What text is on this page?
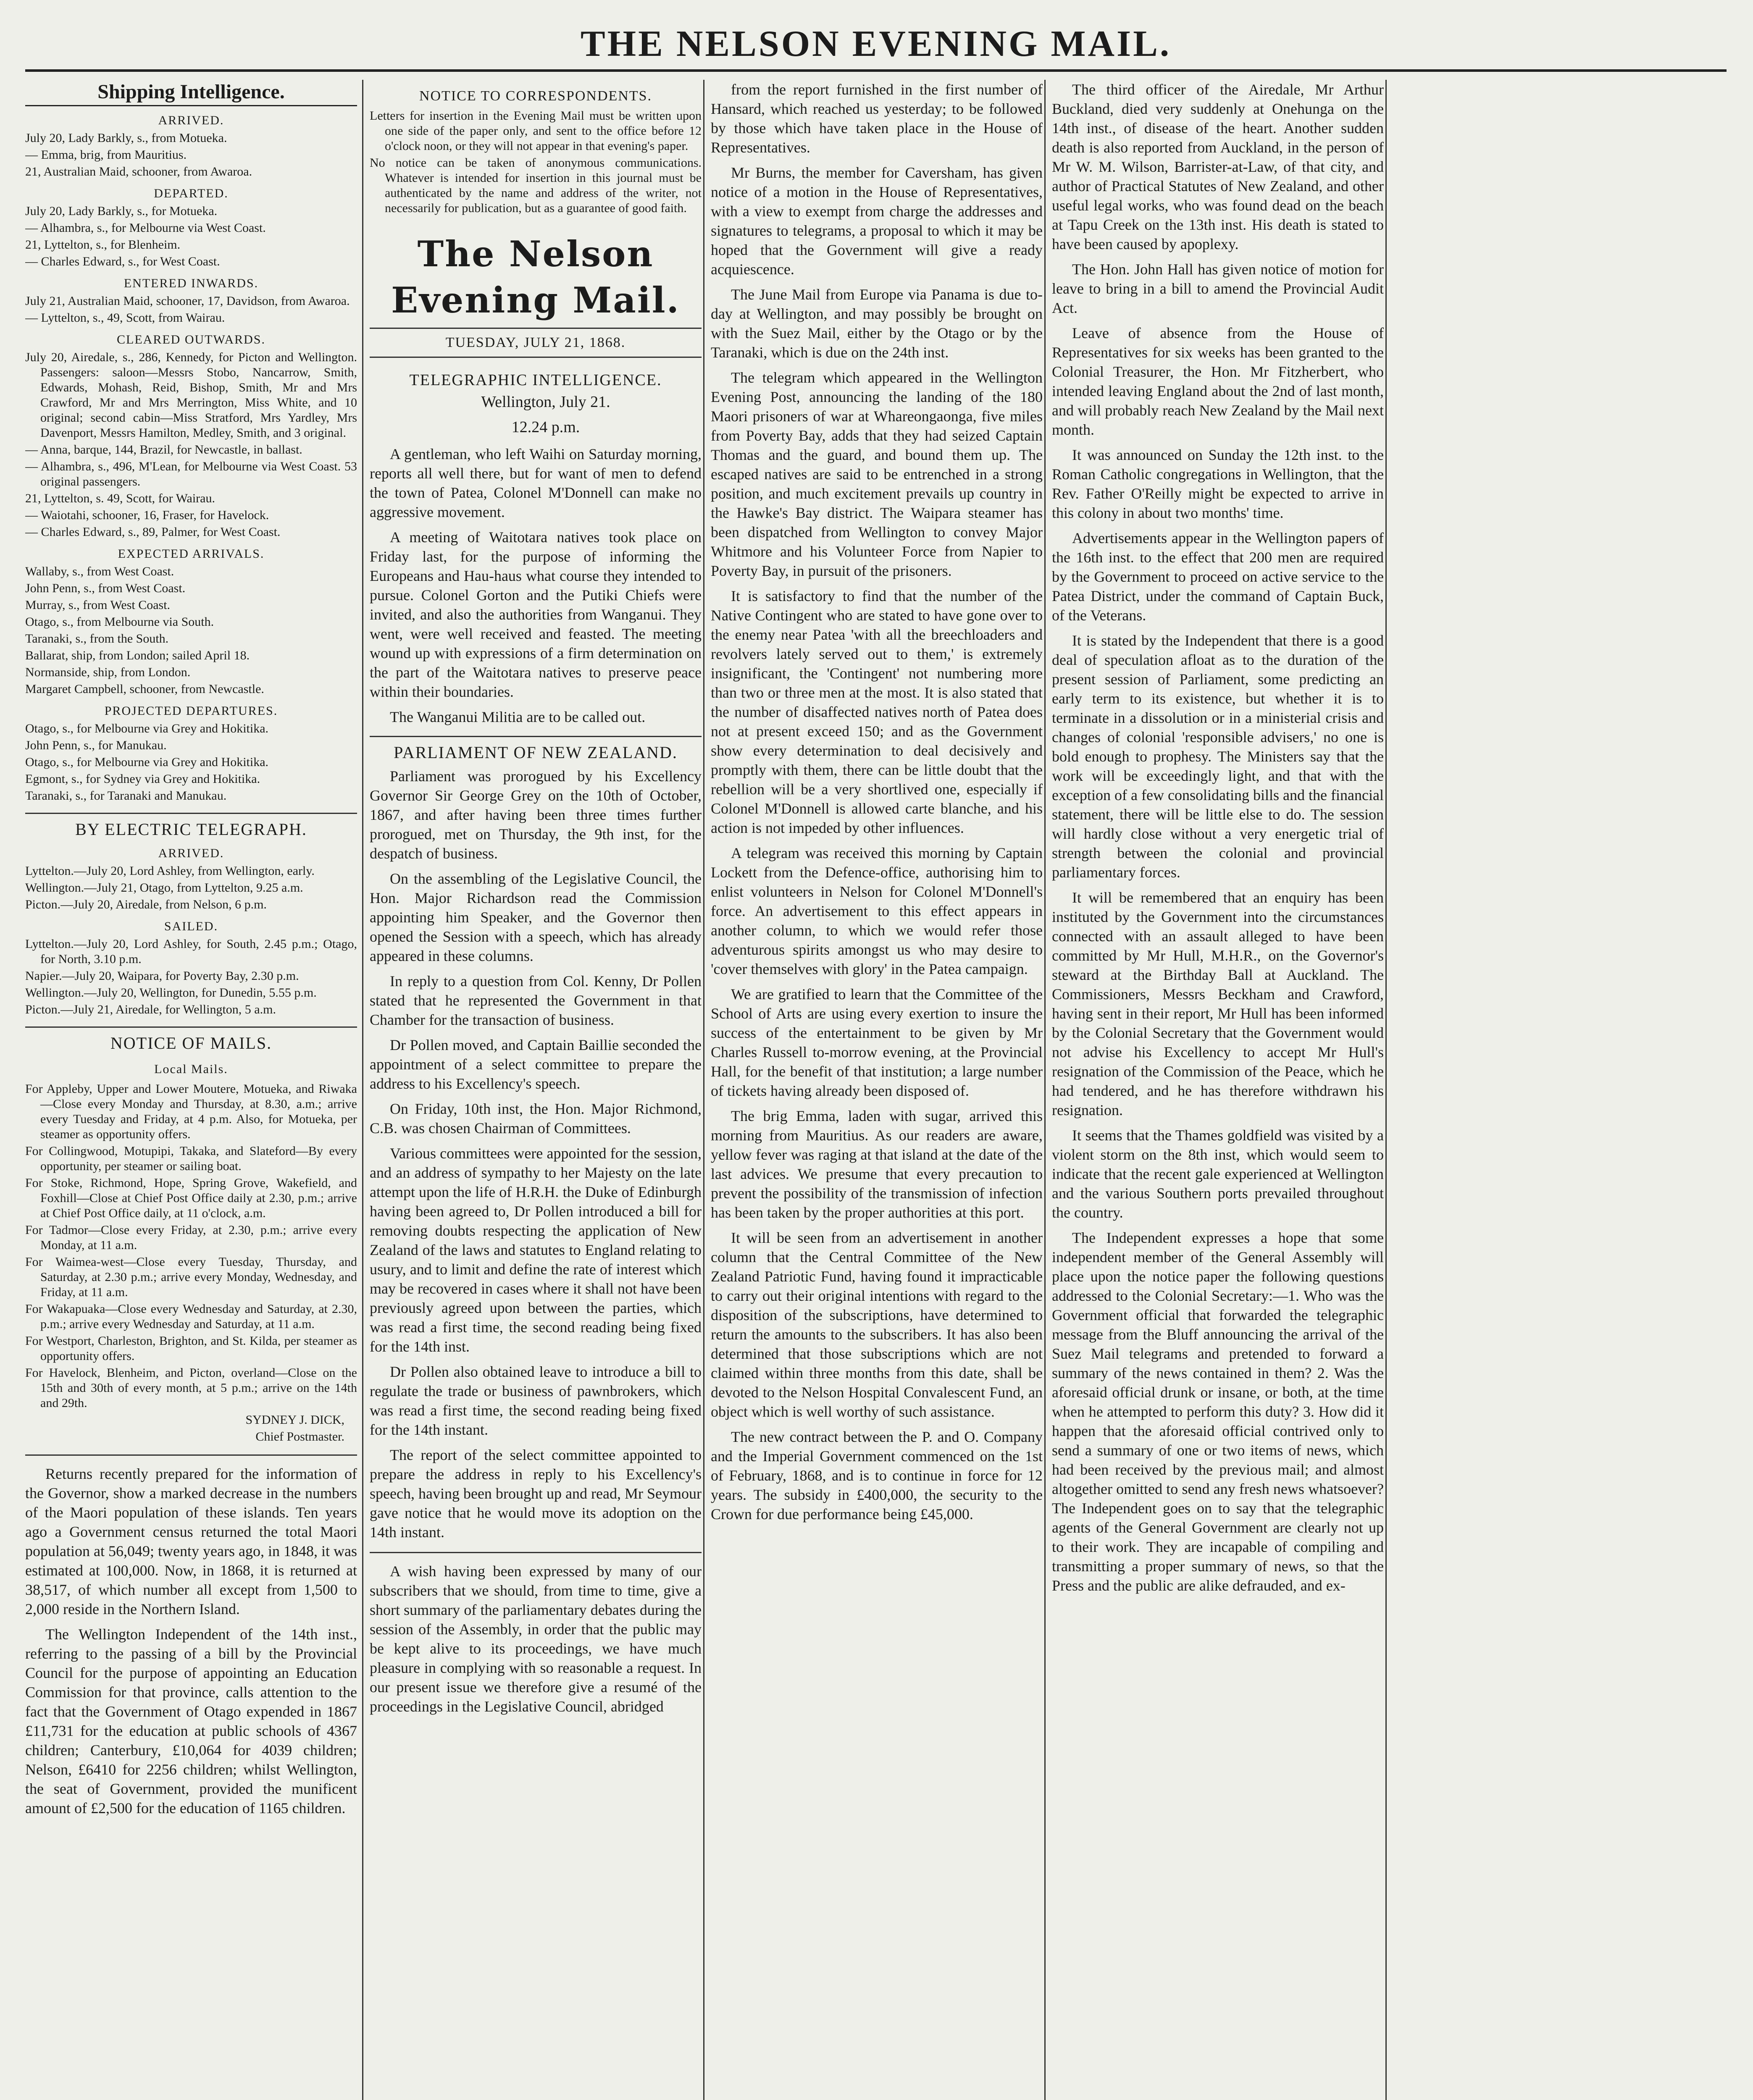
THE NELSON EVENING MAIL.
Shipping Intelligence.
ARRIVED.

July 20, Lady Barkly, s., from Motueka.

— Emma, brig, from Mauritius.

21, Australian Maid, schooner, from Awaroa.

DEPARTED.

July 20, Lady Barkly, s., for Motueka.

— Alhambra, s., for Melbourne via West Coast.

21, Lyttelton, s., for Blenheim.

— Charles Edward, s., for West Coast.

ENTERED INWARDS.

July 21, Australian Maid, schooner, 17, Davidson, from Awaroa.

— Lyttelton, s., 49, Scott, from Wairau.

CLEARED OUTWARDS.

July 20, Airedale, s., 286, Kennedy, for Picton and Wellington. Passengers: saloon—Messrs Stobo, Nancarrow, Smith, Edwards, Mohash, Reid, Bishop, Smith, Mr and Mrs Crawford, Mr and Mrs Merrington, Miss White, and 10 original; second cabin—Miss Stratford, Mrs Yardley, Mrs Davenport, Messrs Hamilton, Medley, Smith, and 3 original.

— Anna, barque, 144, Brazil, for Newcastle, in ballast.

— Alhambra, s., 496, M'Lean, for Melbourne via West Coast. 53 original passengers.

21, Lyttelton, s. 49, Scott, for Wairau.

— Waiotahi, schooner, 16, Fraser, for Havelock.

— Charles Edward, s., 89, Palmer, for West Coast.

EXPECTED ARRIVALS.

Wallaby, s., from West Coast.

John Penn, s., from West Coast.

Murray, s., from West Coast.

Otago, s., from Melbourne via South.

Taranaki, s., from the South.

Ballarat, ship, from London; sailed April 18.

Normanside, ship, from London.

Margaret Campbell, schooner, from Newcastle.

PROJECTED DEPARTURES.

Otago, s., for Melbourne via Grey and Hokitika.

John Penn, s., for Manukau.

Otago, s., for Melbourne via Grey and Hokitika.

Egmont, s., for Sydney via Grey and Hokitika.

Taranaki, s., for Taranaki and Manukau.

BY ELECTRIC TELEGRAPH.
ARRIVED.

Lyttelton.—July 20, Lord Ashley, from Wellington, early.

Wellington.—July 21, Otago, from Lyttelton, 9.25 a.m.

Picton.—July 20, Airedale, from Nelson, 6 p.m.

SAILED.

Lyttelton.—July 20, Lord Ashley, for South, 2.45 p.m.; Otago, for North, 3.10 p.m.

Napier.—July 20, Waipara, for Poverty Bay, 2.30 p.m.

Wellington.—July 20, Wellington, for Dunedin, 5.55 p.m.

Picton.—July 21, Airedale, for Wellington, 5 a.m.

NOTICE OF MAILS.
Local Mails.

For Appleby, Upper and Lower Moutere, Motueka, and Riwaka—Close every Monday and Thursday, at 8.30, a.m.; arrive every Tuesday and Friday, at 4 p.m. Also, for Motueka, per steamer as opportunity offers.

For Collingwood, Motupipi, Takaka, and Slateford—By every opportunity, per steamer or sailing boat.

For Stoke, Richmond, Hope, Spring Grove, Wakefield, and Foxhill—Close at Chief Post Office daily at 2.30, p.m.; arrive at Chief Post Office daily, at 11 o'clock, a.m.

For Tadmor—Close every Friday, at 2.30, p.m.; arrive every Monday, at 11 a.m.

For Waimea-west—Close every Tuesday, Thursday, and Saturday, at 2.30 p.m.; arrive every Monday, Wednesday, and Friday, at 11 a.m.

For Wakapuaka—Close every Wednesday and Saturday, at 2.30, p.m.; arrive every Wednesday and Saturday, at 11 a.m.

For Westport, Charleston, Brighton, and St. Kilda, per steamer as opportunity offers.

For Havelock, Blenheim, and Picton, overland—Close on the 15th and 30th of every month, at 5 p.m.; arrive on the 14th and 29th.

SYDNEY J. DICK,
Chief Postmaster.

Returns recently prepared for the information of the Governor, show a marked decrease in the numbers of the Maori population of these islands. Ten years ago a Government census returned the total Maori population at 56,049; twenty years ago, in 1848, it was estimated at 100,000. Now, in 1868, it is returned at 38,517, of which number all except from 1,500 to 2,000 reside in the Northern Island.

The Wellington Independent of the 14th inst., referring to the passing of a bill by the Provincial Council for the purpose of appointing an Education Commission for that province, calls attention to the fact that the Government of Otago expended in 1867 £11,731 for the education at public schools of 4367 children; Canterbury, £10,064 for 4039 children; Nelson, £6410 for 2256 children; whilst Wellington, the seat of Government, provided the munificent amount of £2,500 for the education of 1165 children.

NOTICE TO CORRESPONDENTS.

Letters for insertion in the Evening Mail must be written upon one side of the paper only, and sent to the office before 12 o'clock noon, or they will not appear in that evening's paper.

No notice can be taken of anonymous communications. Whatever is intended for insertion in this journal must be authenticated by the name and address of the writer, not necessarily for publication, but as a guarantee of good faith.

The Nelson Evening Mail.
TUESDAY, JULY 21, 1868.
TELEGRAPHIC INTELLIGENCE.

Wellington, July 21.

12.24 p.m.

A gentleman, who left Waihi on Saturday morning, reports all well there, but for want of men to defend the town of Patea, Colonel M'Donnell can make no aggressive movement.

A meeting of Waitotara natives took place on Friday last, for the purpose of informing the Europeans and Hau-haus what course they intended to pursue. Colonel Gorton and the Putiki Chiefs were invited, and also the authorities from Wanganui. They went, were well received and feasted. The meeting wound up with expressions of a firm determination on the part of the Waitotara natives to preserve peace within their boundaries.

The Wanganui Militia are to be called out.

PARLIAMENT OF NEW ZEALAND.

Parliament was prorogued by his Excellency Governor Sir George Grey on the 10th of October, 1867, and after having been three times further prorogued, met on Thursday, the 9th inst, for the despatch of business.

On the assembling of the Legislative Council, the Hon. Major Richardson read the Commission appointing him Speaker, and the Governor then opened the Session with a speech, which has already appeared in these columns.

In reply to a question from Col. Kenny, Dr Pollen stated that he represented the Government in that Chamber for the transaction of business.

Dr Pollen moved, and Captain Baillie seconded the appointment of a select committee to prepare the address to his Excellency's speech.

On Friday, 10th inst, the Hon. Major Richmond, C.B. was chosen Chairman of Committees.

Various committees were appointed for the session, and an address of sympathy to her Majesty on the late attempt upon the life of H.R.H. the Duke of Edinburgh having been agreed to, Dr Pollen introduced a bill for removing doubts respecting the application of New Zealand of the laws and statutes to England relating to usury, and to limit and define the rate of interest which may be recovered in cases where it shall not have been previously agreed upon between the parties, which was read a first time, the second reading being fixed for the 14th inst.

Dr Pollen also obtained leave to introduce a bill to regulate the trade or business of pawnbrokers, which was read a first time, the second reading being fixed for the 14th instant.

The report of the select committee appointed to prepare the address in reply to his Excellency's speech, having been brought up and read, Mr Seymour gave notice that he would move its adoption on the 14th instant.

A wish having been expressed by many of our subscribers that we should, from time to time, give a short summary of the parliamentary debates during the session of the Assembly, in order that the public may be kept alive to its proceedings, we have much pleasure in complying with so reasonable a request. In our present issue we therefore give a resumé of the proceedings in the Legislative Council, abridged

from the report furnished in the first number of Hansard, which reached us yesterday; to be followed by those which have taken place in the House of Representatives.

Mr Burns, the member for Caversham, has given notice of a motion in the House of Representatives, with a view to exempt from charge the addresses and signatures to telegrams, a proposal to which it may be hoped that the Government will give a ready acquiescence.

The June Mail from Europe via Panama is due to-day at Wellington, and may possibly be brought on with the Suez Mail, either by the Otago or by the Taranaki, which is due on the 24th inst.

The telegram which appeared in the Wellington Evening Post, announcing the landing of the 180 Maori prisoners of war at Whareongaonga, five miles from Poverty Bay, adds that they had seized Captain Thomas and the guard, and bound them up. The escaped natives are said to be entrenched in a strong position, and much excitement prevails up country in the Hawke's Bay district. The Waipara steamer has been dispatched from Wellington to convey Major Whitmore and his Volunteer Force from Napier to Poverty Bay, in pursuit of the prisoners.

It is satisfactory to find that the number of the Native Contingent who are stated to have gone over to the enemy near Patea 'with all the breechloaders and revolvers lately served out to them,' is extremely insignificant, the 'Contingent' not numbering more than two or three men at the most. It is also stated that the number of disaffected natives north of Patea does not at present exceed 150; and as the Government show every determination to deal decisively and promptly with them, there can be little doubt that the rebellion will be a very shortlived one, especially if Colonel M'Donnell is allowed carte blanche, and his action is not impeded by other influences.

A telegram was received this morning by Captain Lockett from the Defence-office, authorising him to enlist volunteers in Nelson for Colonel M'Donnell's force. An advertisement to this effect appears in another column, to which we would refer those adventurous spirits amongst us who may desire to 'cover themselves with glory' in the Patea campaign.

We are gratified to learn that the Committee of the School of Arts are using every exertion to insure the success of the entertainment to be given by Mr Charles Russell to-morrow evening, at the Provincial Hall, for the benefit of that institution; a large number of tickets having already been disposed of.

The brig Emma, laden with sugar, arrived this morning from Mauritius. As our readers are aware, yellow fever was raging at that island at the date of the last advices. We presume that every precaution to prevent the possibility of the transmission of infection has been taken by the proper authorities at this port.

It will be seen from an advertisement in another column that the Central Committee of the New Zealand Patriotic Fund, having found it impracticable to carry out their original intentions with regard to the disposition of the subscriptions, have determined to return the amounts to the subscribers. It has also been determined that those subscriptions which are not claimed within three months from this date, shall be devoted to the Nelson Hospital Convalescent Fund, an object which is well worthy of such assistance.

The new contract between the P. and O. Company and the Imperial Government commenced on the 1st of February, 1868, and is to continue in force for 12 years. The subsidy in £400,000, the security to the Crown for due performance being £45,000.

The third officer of the Airedale, Mr Arthur Buckland, died very suddenly at Onehunga on the 14th inst., of disease of the heart. Another sudden death is also reported from Auckland, in the person of Mr W. M. Wilson, Barrister-at-Law, of that city, and author of Practical Statutes of New Zealand, and other useful legal works, who was found dead on the beach at Tapu Creek on the 13th inst. His death is stated to have been caused by apoplexy.

The Hon. John Hall has given notice of motion for leave to bring in a bill to amend the Provincial Audit Act.

Leave of absence from the House of Representatives for six weeks has been granted to the Colonial Treasurer, the Hon. Mr Fitzherbert, who intended leaving England about the 2nd of last month, and will probably reach New Zealand by the Mail next month.

It was announced on Sunday the 12th inst. to the Roman Catholic congregations in Wellington, that the Rev. Father O'Reilly might be expected to arrive in this colony in about two months' time.

Advertisements appear in the Wellington papers of the 16th inst. to the effect that 200 men are required by the Government to proceed on active service to the Patea District, under the command of Captain Buck, of the Veterans.

It is stated by the Independent that there is a good deal of speculation afloat as to the duration of the present session of Parliament, some predicting an early term to its existence, but whether it is to terminate in a dissolution or in a ministerial crisis and changes of colonial 'responsible advisers,' no one is bold enough to prophesy. The Ministers say that the work will be exceedingly light, and that with the exception of a few consolidating bills and the financial statement, there will be little else to do. The session will hardly close without a very energetic trial of strength between the colonial and provincial parliamentary forces.

It will be remembered that an enquiry has been instituted by the Government into the circumstances connected with an assault alleged to have been committed by Mr Hull, M.H.R., on the Governor's steward at the Birthday Ball at Auckland. The Commissioners, Messrs Beckham and Crawford, having sent in their report, Mr Hull has been informed by the Colonial Secretary that the Government would not advise his Excellency to accept Mr Hull's resignation of the Commission of the Peace, which he had tendered, and he has therefore withdrawn his resignation.

It seems that the Thames goldfield was visited by a violent storm on the 8th inst, which would seem to indicate that the recent gale experienced at Wellington and the various Southern ports prevailed throughout the country.

The Independent expresses a hope that some independent member of the General Assembly will place upon the notice paper the following questions addressed to the Colonial Secretary:—1. Who was the Government official that forwarded the telegraphic message from the Bluff announcing the arrival of the Suez Mail telegrams and pretended to forward a summary of the news contained in them? 2. Was the aforesaid official drunk or insane, or both, at the time when he attempted to perform this duty? 3. How did it happen that the aforesaid official contrived only to send a summary of one or two items of news, which had been received by the previous mail; and almost altogether omitted to send any fresh news whatsoever? The Independent goes on to say that the telegraphic agents of the General Government are clearly not up to their work. They are incapable of compiling and transmitting a proper summary of news, so that the Press and the public are alike defrauded, and ex-
